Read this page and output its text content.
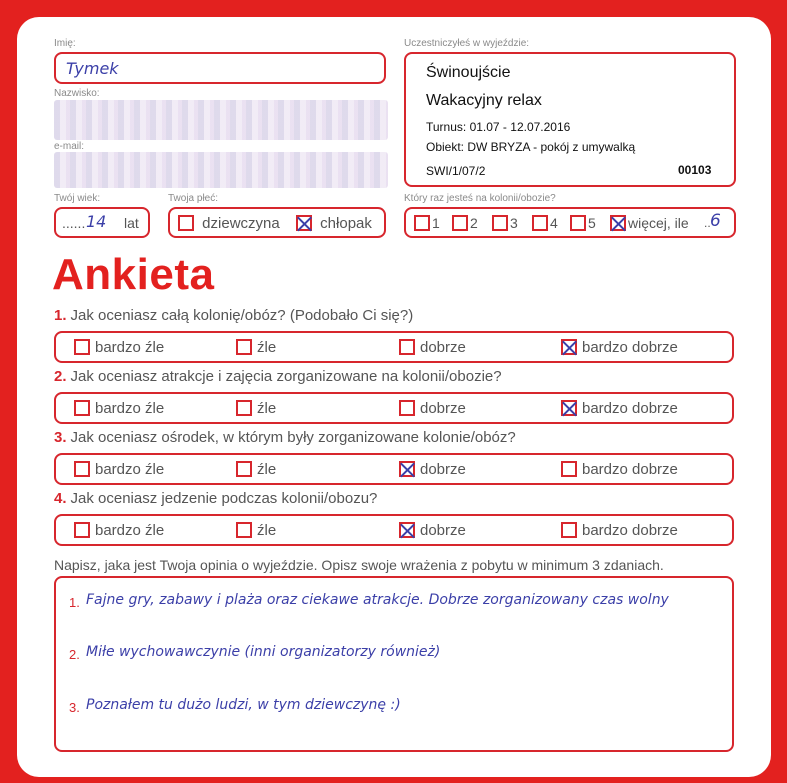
Imię:
Tymek
Nazwisko:
e-mail:
Twój wiek:
...... 14 lat
Twoja płeć:
dziewczyna	chłopak
Uczestniczyłeś w wyjeździe:
Świnoujście
Wakacyjny relax
Turnus: 01.07 - 12.07.2016
Obiekt: DW BRYZA - pokój z umywalką
SWI/1/07/2	00103
Który raz jesteś na kolonii/obozie?
1	2	3	4	5	więcej, ile .. 6
Ankieta
1. Jak oceniasz całą kolonię/obóz? (Podobało Ci się?)
bardzo źle	źle	dobrze	bardzo dobrze
2. Jak oceniasz atrakcje i zajęcia zorganizowane na kolonii/obozie?
bardzo źle	źle	dobrze	bardzo dobrze
3. Jak oceniasz ośrodek, w którym były zorganizowane kolonie/obóz?
bardzo źle	źle	dobrze	bardzo dobrze
4. Jak oceniasz jedzenie podczas kolonii/obozu?
bardzo źle	źle	dobrze	bardzo dobrze
Napisz, jaka jest Twoja opinia o wyjeździe. Opisz swoje wrażenia z pobytu w minimum 3 zdaniach.
1. Fajne gry, zabawy i plaża oraz ciekawe atrakcje. Dobrze zorganizowany czas wolny
2. Miłe wychowawczynie (inni organizatorzy również)
3. Poznałem tu dużo ludzi, w tym dziewczynę :)
